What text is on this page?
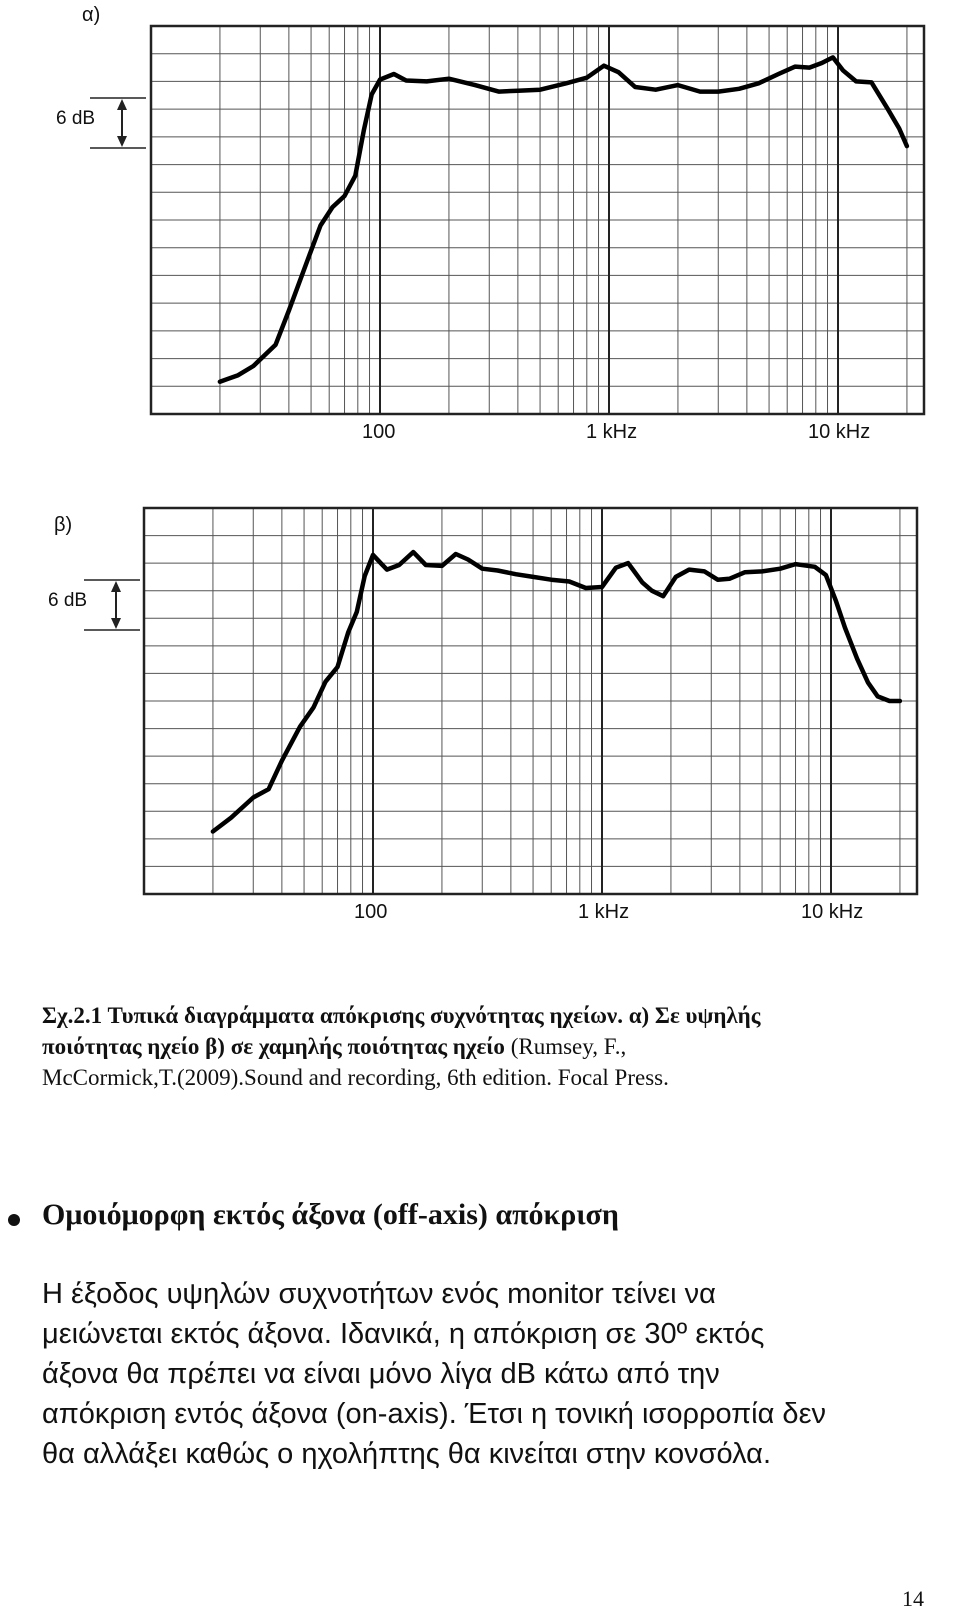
α)
6 dB
100	1 kHz	10 kHz
β)
6 dB
100	1 kHz	10 kHz
Σχ.2.1 Τυπικά διαγράμματα απόκρισης συχνότητας ηχείων. α) Σε υψηλής
ποιότητας ηχείο β) σε χαμηλής ποιότητας ηχείο (Rumsey, F.,
McCormick,T.(2009).Sound and recording, 6th edition. Focal Press.
Ομοιόμορφη εκτός άξονα (off-axis) απόκριση
Η έξοδος υψηλών συχνοτήτων ενός monitor τείνει να
μειώνεται εκτός άξονα. Ιδανικά, η απόκριση σε 30º εκτός
άξονα θα πρέπει να είναι μόνο λίγα dB κάτω από την
απόκριση εντός άξονα (on-axis). Έτσι η τονική ισορροπία δεν
θα αλλάξει καθώς ο ηχολήπτης θα κινείται στην κονσόλα.
14
